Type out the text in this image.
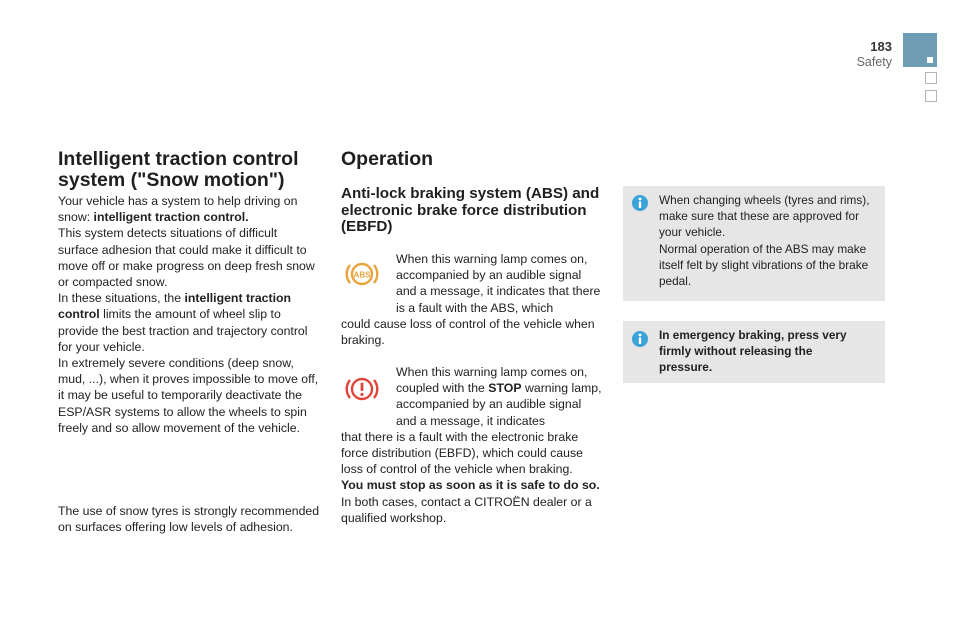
183
Safety
Intelligent traction control system ("Snow motion")
Your vehicle has a system to help driving on snow: intelligent traction control.
This system detects situations of difficult surface adhesion that could make it difficult to move off or make progress on deep fresh snow or compacted snow.
In these situations, the intelligent traction control limits the amount of wheel slip to provide the best traction and trajectory control for your vehicle.
In extremely severe conditions (deep snow, mud, ...), when it proves impossible to move off, it may be useful to temporarily deactivate the ESP/ASR systems to allow the wheels to spin freely and so allow movement of the vehicle.
The use of snow tyres is strongly recommended on surfaces offering low levels of adhesion.
Operation
Anti-lock braking system (ABS) and electronic brake force distribution (EBFD)
ABS
When this warning lamp comes on, accompanied by an audible signal and a message, it indicates that there is a fault with the ABS, which
could cause loss of control of the vehicle when braking.
When this warning lamp comes on, coupled with the STOP warning lamp, accompanied by an audible signal and a message, it indicates
that there is a fault with the electronic brake force distribution (EBFD), which could cause loss of control of the vehicle when braking.
You must stop as soon as it is safe to do so.
In both cases, contact a CITROËN dealer or a qualified workshop.
When changing wheels (tyres and rims), make sure that these are approved for your vehicle.
Normal operation of the ABS may make itself felt by slight vibrations of the brake pedal.
In emergency braking, press very firmly without releasing the pressure.
